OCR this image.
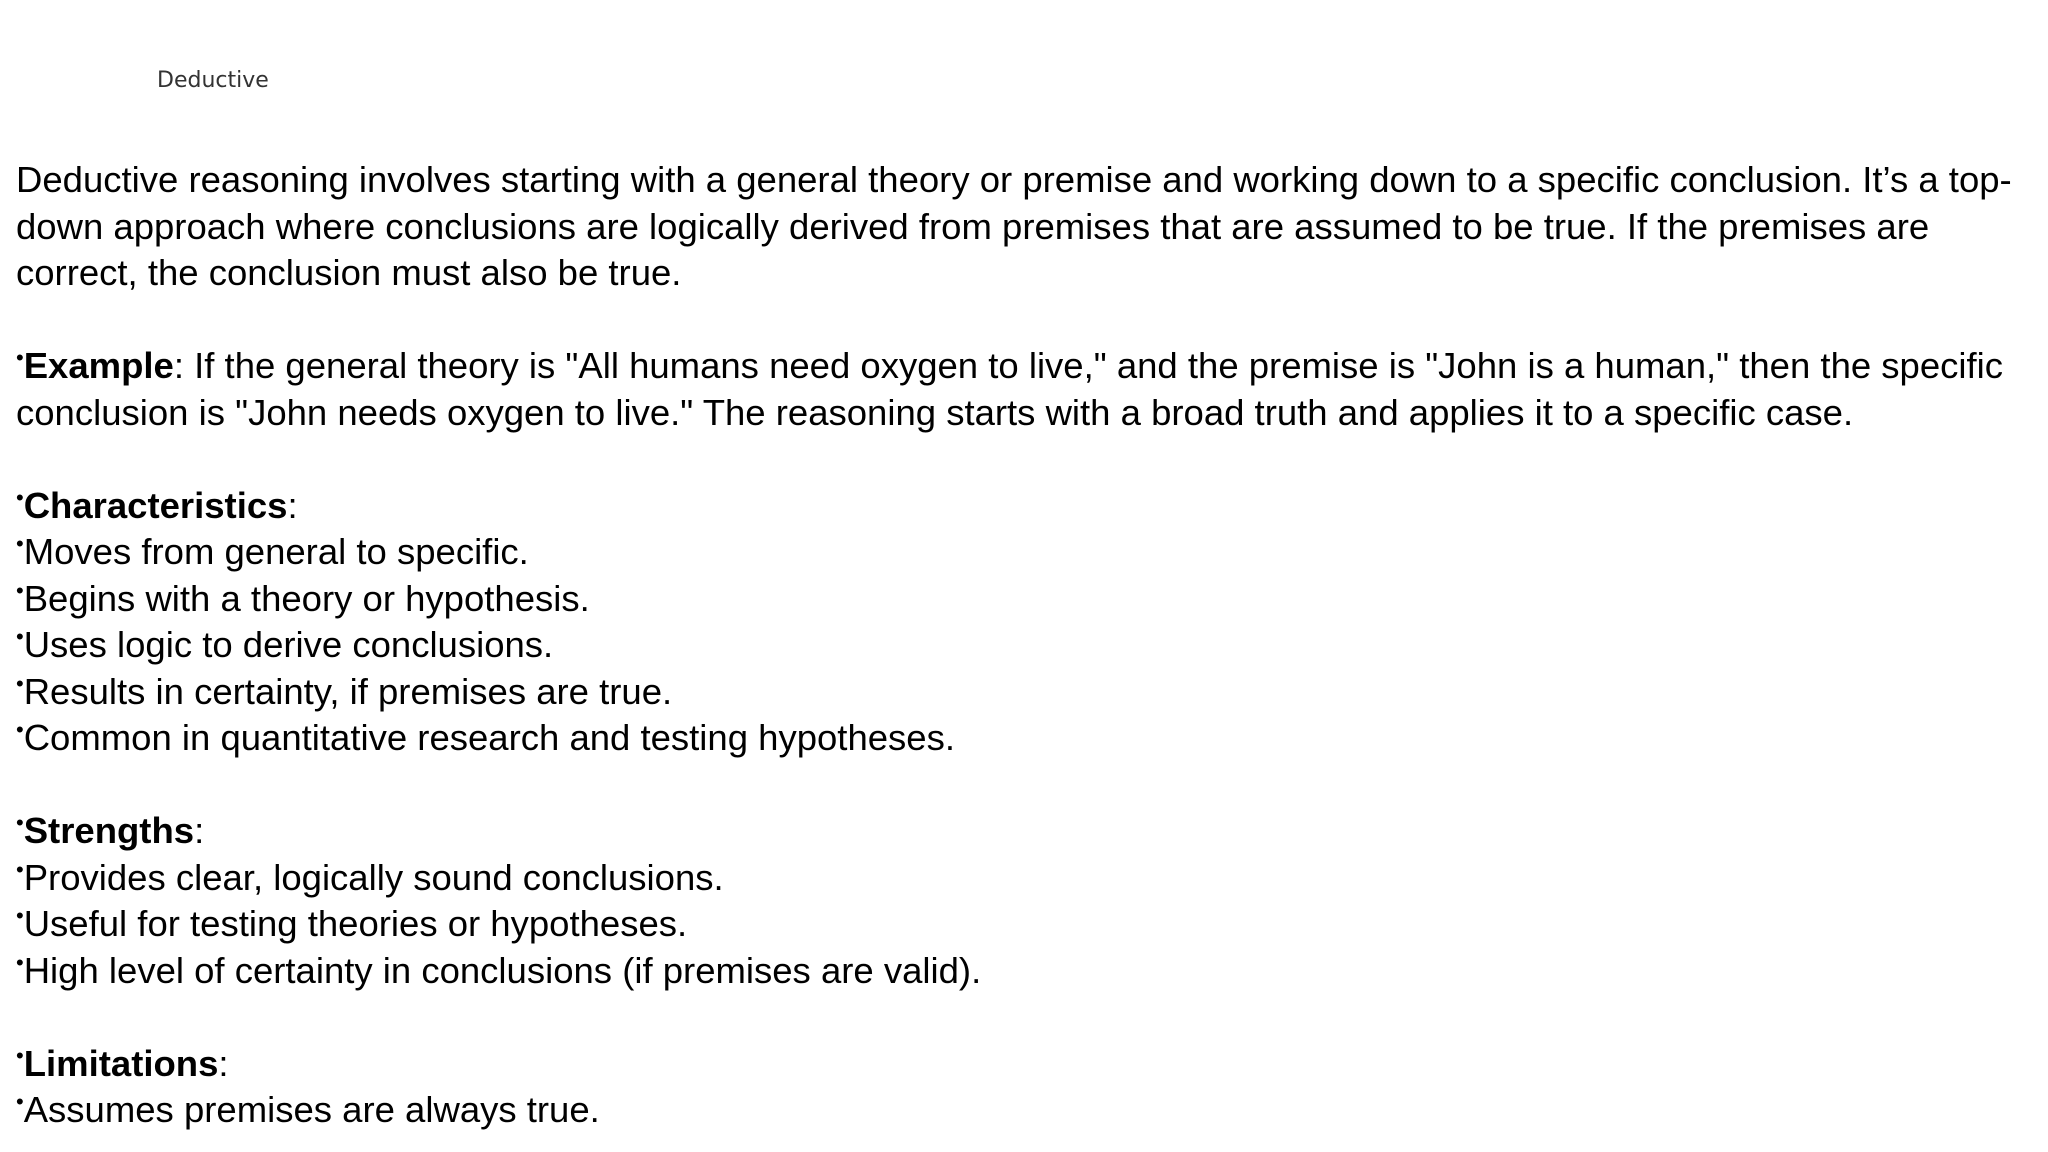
Deductive

Deductive reasoning involves starting with a general theory or premise and working down to a specific conclusion. It’s a top-down approach where conclusions are logically derived from premises that are assumed to be true. If the premises are correct, the conclusion must also be true.

•Example: If the general theory is "All humans need oxygen to live," and the premise is "John is a human," then the specific conclusion is "John needs oxygen to live." The reasoning starts with a broad truth and applies it to a specific case.

•Characteristics:

•Moves from general to specific.

•Begins with a theory or hypothesis.

•Uses logic to derive conclusions.

•Results in certainty, if premises are true.

•Common in quantitative research and testing hypotheses.

•Strengths:

•Provides clear, logically sound conclusions.

•Useful for testing theories or hypotheses.

•High level of certainty in conclusions (if premises are valid).

•Limitations:

•Assumes premises are always true.
